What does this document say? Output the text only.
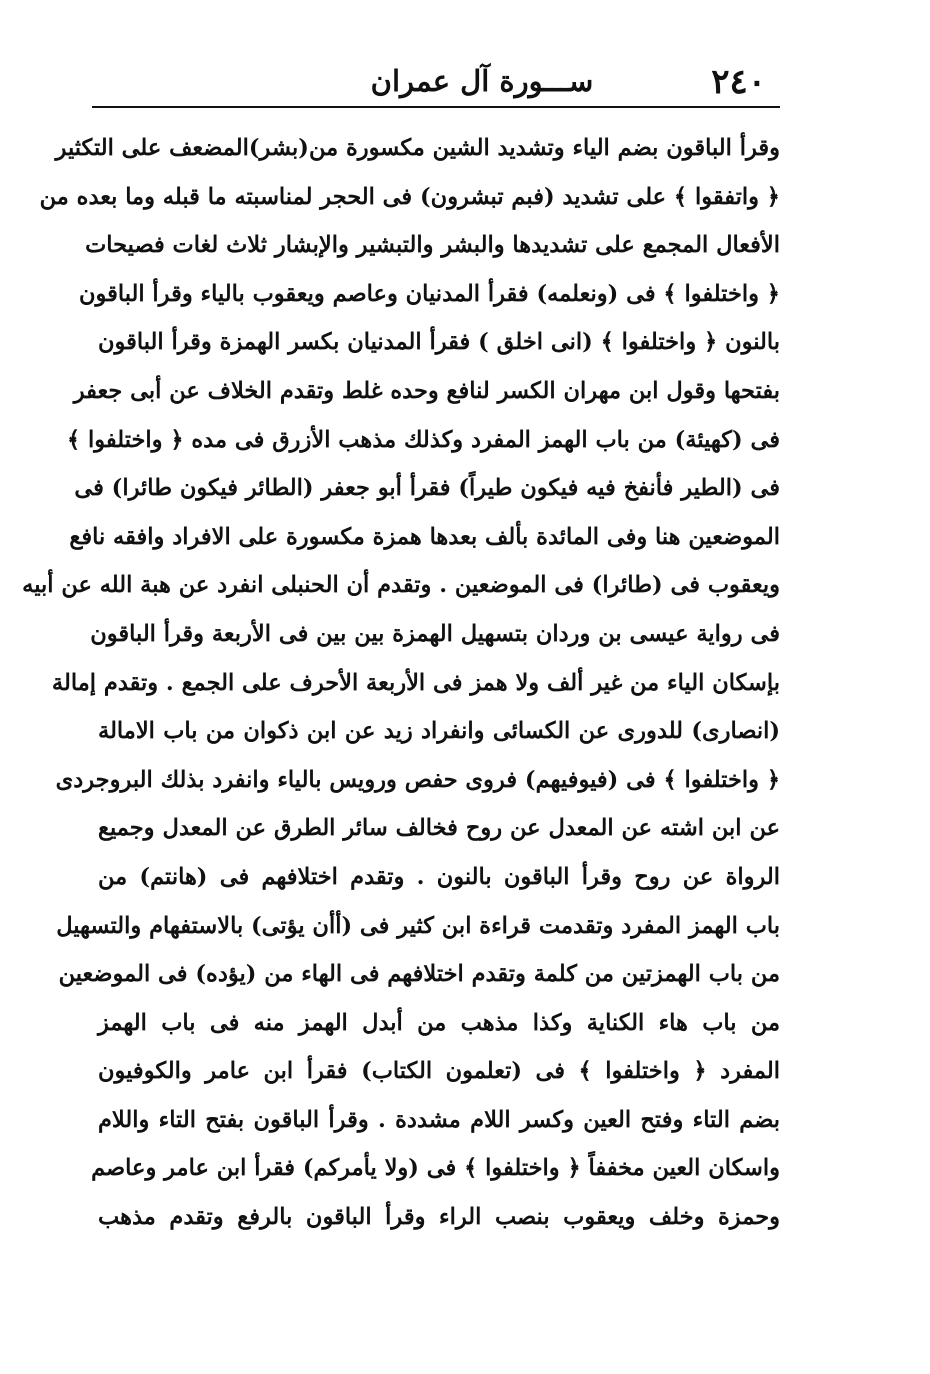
٢٤٠
ســـورة آل عمران
وقرأ الباقون بضم الياء وتشديد الشين مكسورة من(بشر)المضعف على التكثير
﴿ واتفقوا ﴾ على تشديد (فبم تبشرون) فى الحجر لمناسبته ما قبله وما بعده من
الأفعال المجمع على تشديدها والبشر والتبشير والإبشار ثلاث لغات فصيحات
﴿ واختلفوا ﴾ فى (ونعلمه) فقرأ المدنيان وعاصم ويعقوب بالياء وقرأ الباقون
بالنون ﴿ واختلفوا ﴾ (انى اخلق ) فقرأ المدنيان بكسر الهمزة وقرأ الباقون
بفتحها وقول ابن مهران الكسر لنافع وحده غلط وتقدم الخلاف عن أبى جعفر
فى (كهيئة) من باب الهمز المفرد وكذلك مذهب الأزرق فى مده ﴿ واختلفوا ﴾
فى (الطير فأنفخ فيه فيكون طيراً) فقرأ أبو جعفر (الطائر فيكون طائرا) فى
الموضعين هنا وفى المائدة بألف بعدها همزة مكسورة على الافراد وافقه نافع
ويعقوب فى (طائرا) فى الموضعين . وتقدم أن الحنبلى انفرد عن هبة الله عن أبيه
فى رواية عيسى بن وردان بتسهيل الهمزة بين بين فى الأربعة وقرأ الباقون
بإسكان الياء من غير ألف ولا همز فى الأربعة الأحرف على الجمع . وتقدم إمالة
(انصارى) للدورى عن الكسائى وانفراد زيد عن ابن ذكوان من باب الامالة
﴿ واختلفوا ﴾ فى (فيوفيهم) فروى حفص ورويس بالياء وانفرد بذلك البروجردى
عن ابن اشته عن المعدل عن روح فخالف سائر الطرق عن المعدل وجميع
الرواة عن روح وقرأ الباقون بالنون . وتقدم اختلافهم فى (هانتم) من
باب الهمز المفرد وتقدمت قراءة ابن كثير فى (أأن يؤتى) بالاستفهام والتسهيل
من باب الهمزتين من كلمة وتقدم اختلافهم فى الهاء من (يؤده) فى الموضعين
من باب هاء الكناية وكذا مذهب من أبدل الهمز منه فى باب الهمز
المفرد ﴿ واختلفوا ﴾ فى (تعلمون الكتاب) فقرأ ابن عامر والكوفيون
بضم التاء وفتح العين وكسر اللام مشددة . وقرأ الباقون بفتح التاء واللام
واسكان العين مخففاً ﴿ واختلفوا ﴾ فى (ولا يأمركم) فقرأ ابن عامر وعاصم
وحمزة وخلف ويعقوب بنصب الراء وقرأ الباقون بالرفع وتقدم مذهب
